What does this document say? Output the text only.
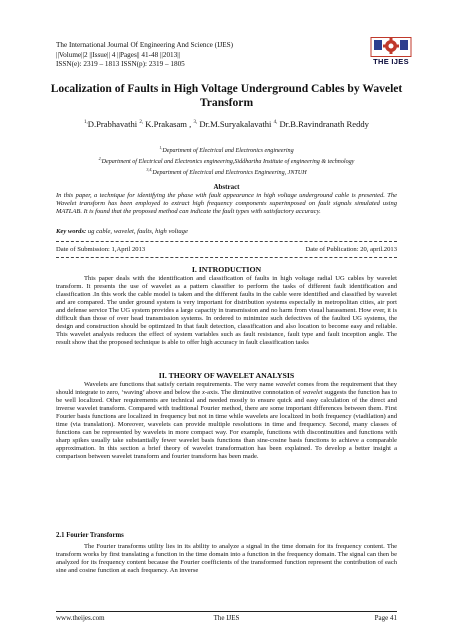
The International Journal Of Engineering And Science (IJES)
||Volume||2 ||Issue|| 4 ||Pages|| 41-48 ||2013||
ISSN(e): 2319 – 1813 ISSN(p): 2319 – 1805	THE IJES
Localization of Faults in High Voltage Underground Cables by Wavelet Transform
$^{1,}$D.Prabhavathi $^{2,}$ K.Prakasam , $^{3,}$ Dr.M.Suryakalavathi $^{4,}$ Dr.B.Ravindranath Reddy
$^{1,}$Department of Electrical and Electronics engineering
$^{2,}$Department of Electrical and Electronics engineering,Siddhartha Institute of engineering & technology
$^{3,4,}$Department of Electrical and Electronics Engineering, JNTUH
Abstract
In this paper, a technique for identifying the phase with fault appearance in high voltage underground cable is presented. The Wavelet transform has been employed to extract high frequency components superimposed on fault signals simulated using MATLAB. It is found that the proposed method can indicate the fault types with satisfactory accuracy.
Key words: ug cable, wavelet, faults, high voltage
Date of Submission: 1,April 2013	Date of Publication: 20, april.2013
I. INTRODUCTION
This paper deals with the identification and classification of faults in high voltage radial UG cables by wavelet transform. It presents the use of wavelet as a pattern classifier to perform the tasks of different fault identification and classification .In this work the cable model is taken and the different faults in the cable were identified and classified by wavelet and are compared. The under ground system is very important for distribution systems especially in metropolitan cities, air port and defense service The UG system provides a large capacity in transmission and no harm from visual harassment. How ever, it is difficult than those of over head transmission systems. In ordered to minimize such defectives of the faulted UG systems, the design and construction should be optimized In that fault detection, classification and also location to become easy and reliable. This wavelet analysis reduces the effect of system variables such as fault resistance, fault type and fault inception angle. The result show that the proposed technique is able to offer high accuracy in fault classification tasks
II. THEORY OF WAVELET ANALYSIS
Wavelets are functions that satisfy certain requirements. The very name wavelet comes from the requirement that they should integrate to zero, ‘waving’ above and below the x-axis. The diminutive connotation of wavelet suggests the function has to be well localized. Other requirements are technical and needed mostly to ensure quick and easy calculation of the direct and inverse wavelet transform. Compared with traditional Fourier method, there are some important differences between them. First Fourier basis functions are localized in frequency but not in time while wavelets are localized in both frequency (viadilation) and time (via translation). Moreover, wavelets can provide multiple resolutions in time and frequency. Second, many classes of functions can be represented by wavelets in more compact way. For example, functions with discontinuities and functions with sharp spikes usually take substantially fewer wavelet basis functions than sine-cosine basis functions to achieve a comparable approximation. In this section a brief theory of wavelet transformation has been explained. To develop a better insight a comparison between wavelet transform and fourier transform has been made.
2.1 Fourier Transforms
The Fourier transforms utility lies in its ability to analyze a signal in the time domain for its frequency content. The transform works by first translating a function in the time domain into a function in the frequency domain. The signal can then be analyzed for its frequency content because the Fourier coefficients of the transformed function represent the contribution of each sine and cosine function at each frequency. An inverse
www.theijes.com	The IJES	Page 41
